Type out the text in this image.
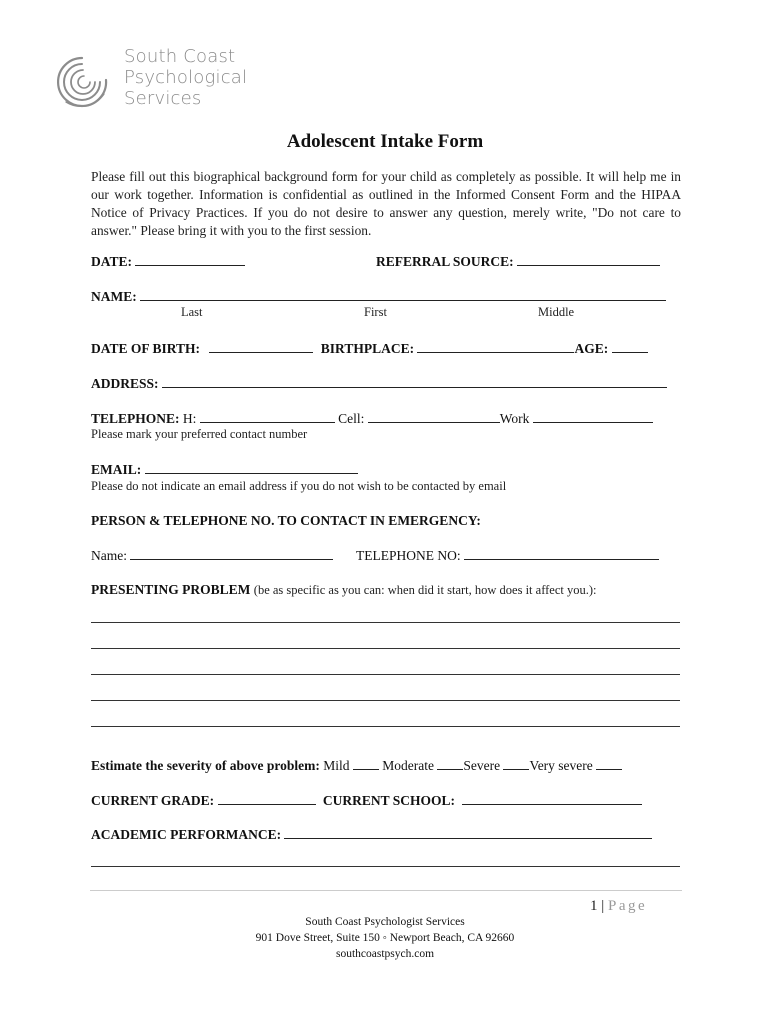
South Coast
Psychological
Services
Adolescent Intake Form
Please fill out this biographical background form for your child as completely as possible. It will help me in our work together. Information is confidential as outlined in the Informed Consent Form and the HIPAA Notice of Privacy Practices. If you do not desire to answer any question, merely write, "Do not care to answer." Please bring it with you to the first session.
DATE:	REFERRAL SOURCE:
NAME:
Last	First	Middle
DATE OF BIRTH:	BIRTHPLACE:	AGE:
ADDRESS:
TELEPHONE: H:	Cell:	Work
Please mark your preferred contact number
EMAIL:
Please do not indicate an email address if you do not wish to be contacted by email
PERSON & TELEPHONE NO. TO CONTACT IN EMERGENCY:
Name:	TELEPHONE NO:
PRESENTING PROBLEM (be as specific as you can: when did it start, how does it affect you.):
Estimate the severity of above problem: Mild Moderate Severe Very severe
CURRENT GRADE:	CURRENT SCHOOL:
ACADEMIC PERFORMANCE:
1 | Page
South Coast Psychologist Services
901 Dove Street, Suite 150 ◦ Newport Beach, CA 92660
southcoastpsych.com
